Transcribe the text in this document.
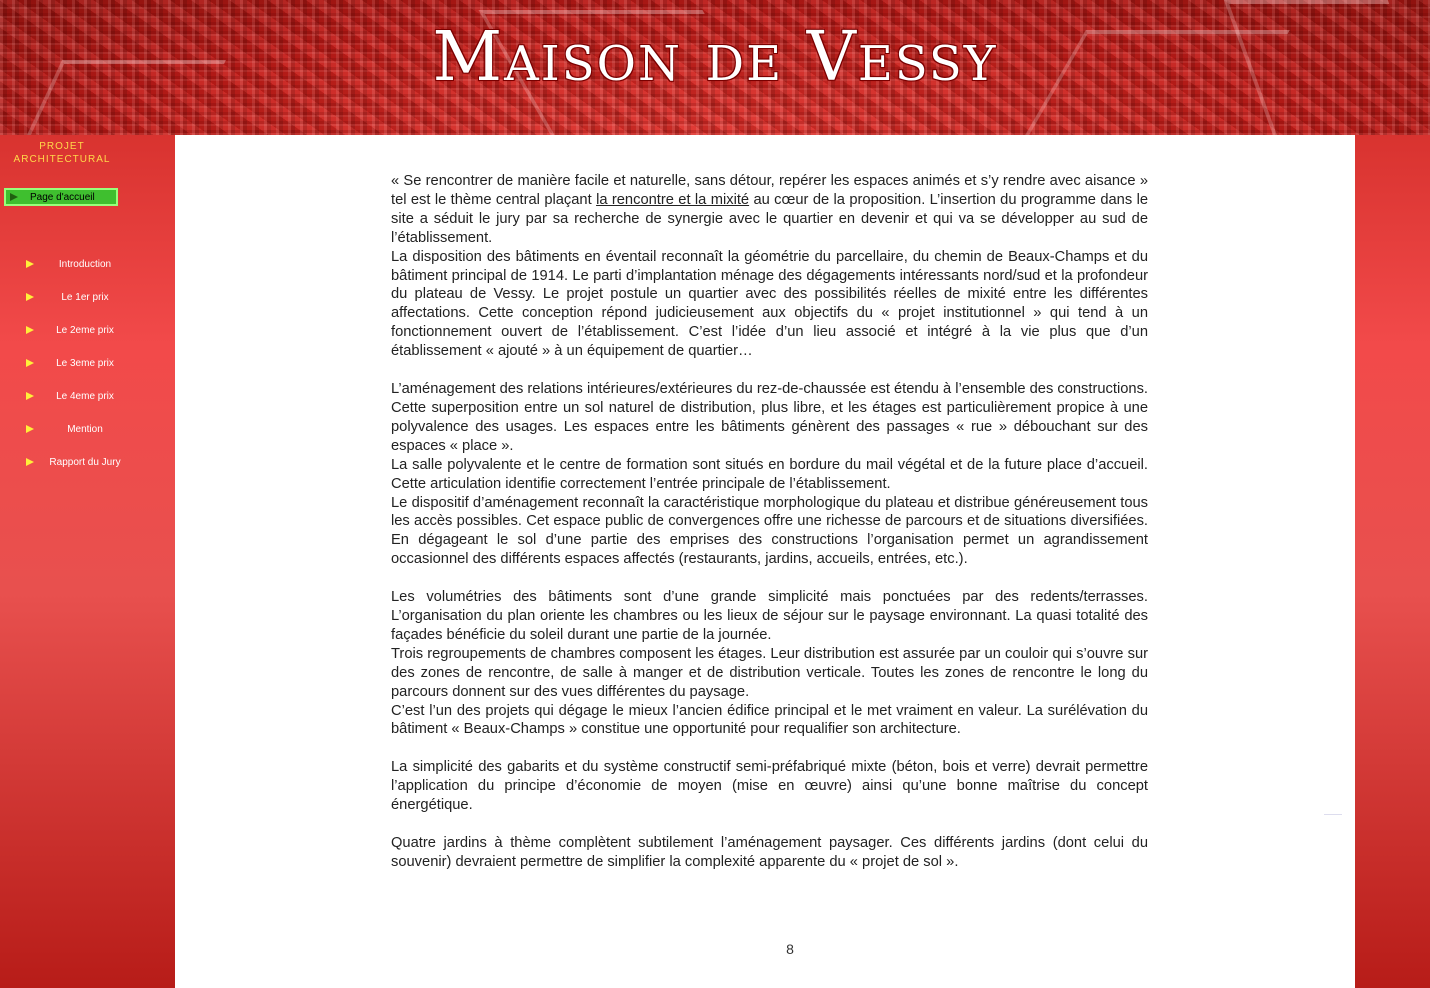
Maison de Vessy
PROJET ARCHITECTURAL
Page d'accueil
Introduction
Le 1er prix
Le 2eme prix
Le 3eme prix
Le 4eme prix
Mention
Rapport du Jury

« Se rencontrer de manière facile et naturelle, sans détour, repérer les espaces animés et s’y rendre avec aisance » tel est le thème central plaçant la rencontre et la mixité au cœur de la proposition. L’insertion du programme dans le site a séduit le jury par sa recherche de synergie avec le quartier en devenir et qui va se développer au sud de l’établissement.

La disposition des bâtiments en éventail reconnaît la géométrie du parcellaire, du chemin de Beaux-Champs et du bâtiment principal de 1914. Le parti d’implantation ménage des dégagements intéressants nord/sud et la profondeur du plateau de Vessy. Le projet postule un quartier avec des possibilités réelles de mixité entre les différentes affectations. Cette conception répond judicieusement aux objectifs du « projet institutionnel » qui tend à un fonctionnement ouvert de l’établissement. C’est l’idée d’un lieu associé et intégré à la vie plus que d’un établissement « ajouté » à un équipement de quartier…

L’aménagement des relations intérieures/extérieures du rez-de-chaussée est étendu à l’ensemble des constructions. Cette superposition entre un sol naturel de distribution, plus libre, et les étages est particulièrement propice à une polyvalence des usages. Les espaces entre les bâtiments génèrent des passages « rue » débouchant sur des espaces « place ».

La salle polyvalente et le centre de formation sont situés en bordure du mail végétal et de la future place d’accueil. Cette articulation identifie correctement l’entrée principale de l’établissement.

Le dispositif d’aménagement reconnaît la caractéristique morphologique du plateau et distribue généreusement tous les accès possibles. Cet espace public de convergences offre une richesse de parcours et de situations diversifiées. En dégageant le sol d’une partie des emprises des constructions l’organisation permet un agrandissement occasionnel des différents espaces affectés (restaurants, jardins, accueils, entrées, etc.).

Les volumétries des bâtiments sont d’une grande simplicité mais ponctuées par des redents/terrasses. L’organisation du plan oriente les chambres ou les lieux de séjour sur le paysage environnant. La quasi totalité des façades bénéficie du soleil durant une partie de la journée.

Trois regroupements de chambres composent les étages. Leur distribution est assurée par un couloir qui s’ouvre sur des zones de rencontre, de salle à manger et de distribution verticale. Toutes les zones de rencontre le long du parcours donnent sur des vues différentes du paysage.

C’est l’un des projets qui dégage le mieux l’ancien édifice principal et le met vraiment en valeur. La surélévation du bâtiment « Beaux-Champs » constitue une opportunité pour requalifier son architecture.

La simplicité des gabarits et du système constructif semi-préfabriqué mixte (béton, bois et verre) devrait permettre l’application du principe d’économie de moyen (mise en œuvre) ainsi qu’une bonne maîtrise du concept énergétique.

Quatre jardins à thème complètent subtilement l’aménagement paysager. Ces différents jardins (dont celui du souvenir) devraient permettre de simplifier la complexité apparente du « projet de sol ».

8
